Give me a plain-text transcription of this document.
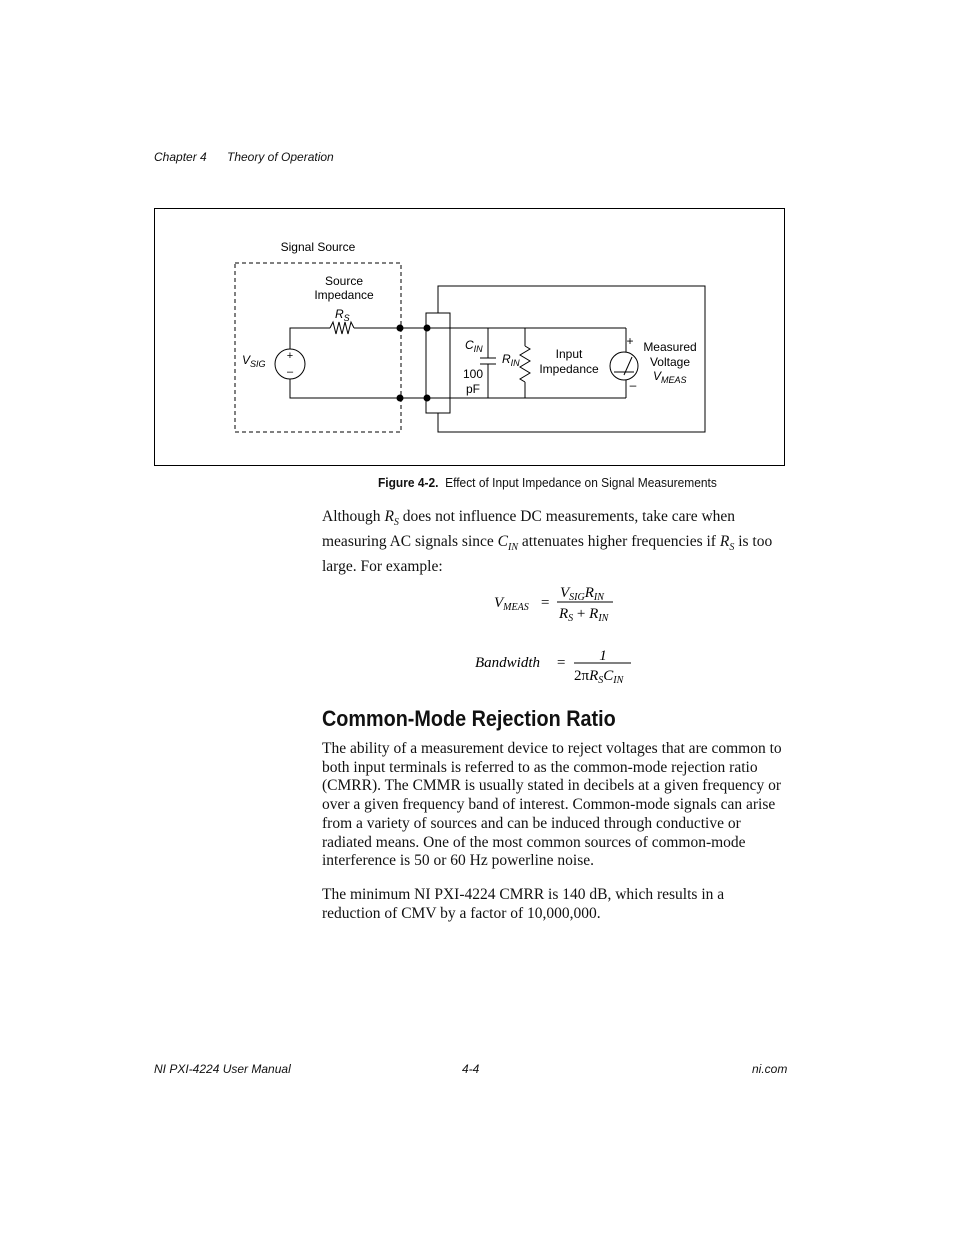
Chapter 4 Theory of Operation
+
–
Signal Source
Source
Impedance
$R_S$
$V_{SIG}$
$C_{IN}$
100
pF
$R_{IN}$
Input
Impedance
+
–
Measured
Voltage
$V_{MEAS}$
Figure 4-2. Effect of Input Impedance on Signal Measurements

Although $R_S$ does not influence DC measurements, take care when measuring AC signals since $C_{IN}$ attenuates higher frequencies if $R_S$ is too large. For example:

$V_{MEAS}$ =
$V_{SIG}R_{IN}$
$R_S + R_{IN}$
Bandwidth = 1
$2\pi R_SC_{IN}$
Common-Mode Rejection Ratio

The ability of a measurement device to reject voltages that are common to both input terminals is referred to as the common-mode rejection ratio (CMRR). The CMMR is usually stated in decibels at a given frequency or over a given frequency band of interest. Common-mode signals can arise from a variety of sources and can be induced through conductive or radiated means. One of the most common sources of common-mode interference is 50 or 60 Hz powerline noise.

The minimum NI PXI-4224 CMRR is 140 dB, which results in a reduction of CMV by a factor of 10,000,000.

NI PXI-4224 User Manual	4-4	ni.com
